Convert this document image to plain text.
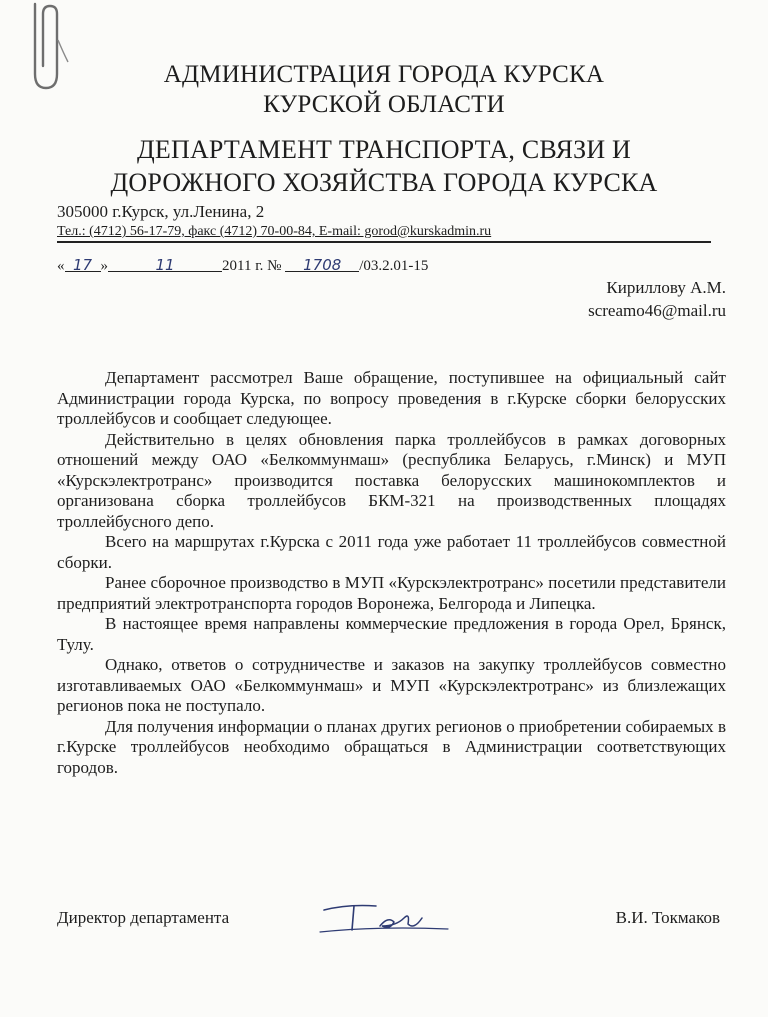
АДМИНИСТРАЦИЯ ГОРОДА КУРСКА
КУРСКОЙ ОБЛАСТИ
ДЕПАРТАМЕНТ ТРАНСПОРТА, СВЯЗИ И
ДОРОЖНОГО ХОЗЯЙСТВА ГОРОДА КУРСКА
305000 г.Курск, ул.Ленина, 2
Тел.: (4712) 56-17-79, факс (4712) 70-00-84, E-mail: gorod@kurskadmin.ru
« 17 »	11	2011 г. № 1708 /03.2.01-15
Кириллову А.М.
screamo46@mail.ru

Департамент рассмотрел Ваше обращение, поступившее на официальный сайт Администрации города Курска, по вопросу проведения в г.Курске сборки белорусских троллейбусов и сообщает следующее.

Действительно в целях обновления парка троллейбусов в рамках договорных отношений между ОАО «Белкоммунмаш» (республика Беларусь, г.Минск) и МУП «Курскэлектротранс» производится поставка белорусских машинокомплектов и организована сборка троллейбусов БКМ-321 на производственных площадях троллейбусного депо.

Всего на маршрутах г.Курска с 2011 года уже работает 11 троллейбусов совместной сборки.

Ранее сборочное производство в МУП «Курскэлектротранс» посетили представители предприятий электротранспорта городов Воронежа, Белгорода и Липецка.

В настоящее время направлены коммерческие предложения в города Орел, Брянск, Тулу.

Однако, ответов о сотрудничестве и заказов на закупку троллейбусов совместно изготавливаемых ОАО «Белкоммунмаш» и МУП «Курскэлектротранс» из близлежащих регионов пока не поступало.

Для получения информации о планах других регионов о приобретении собираемых в г.Курске троллейбусов необходимо обращаться в Администрации соответствующих городов.

Директор департамента	В.И. Токмаков
